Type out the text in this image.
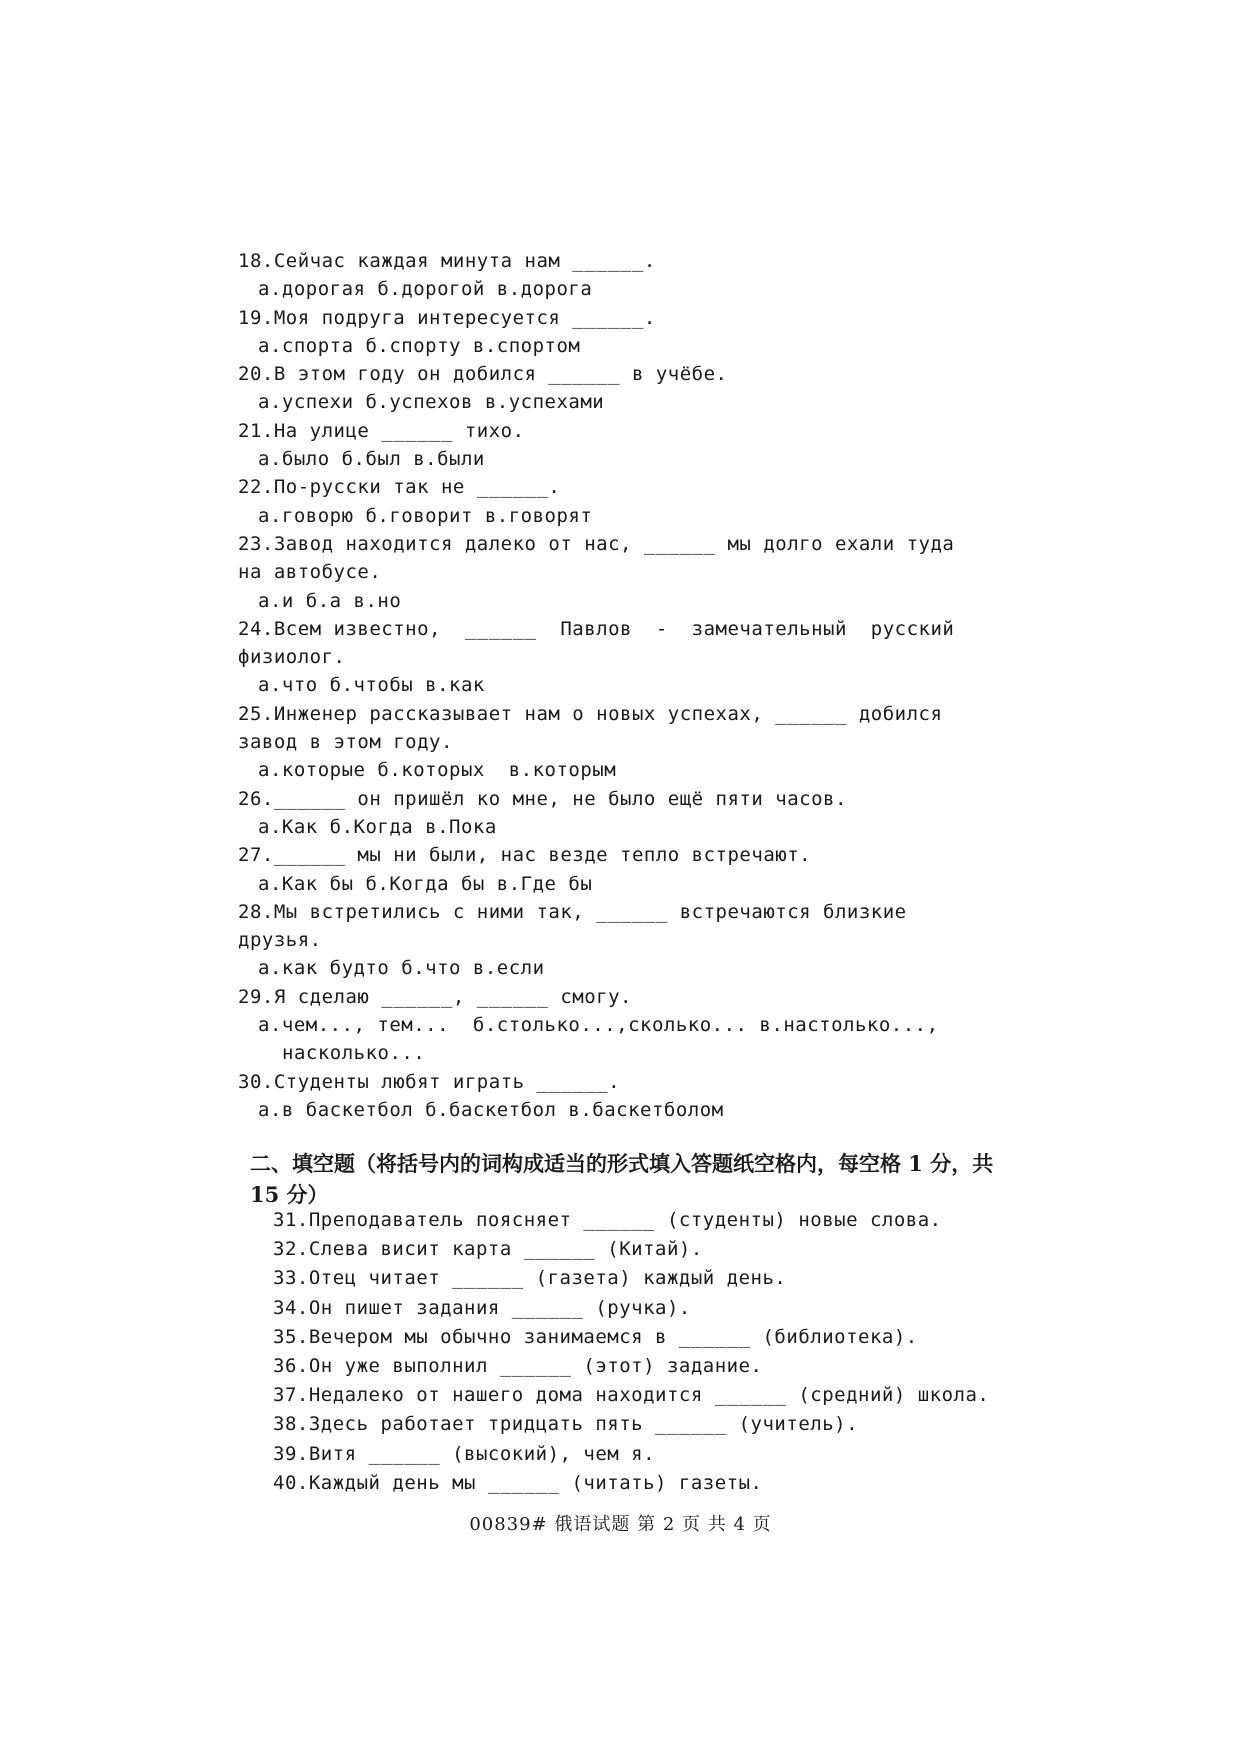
18.Сейчас каждая минута нам ______.

а.дорогая б.дорогой в.дорога

19.Моя подруга интересуется ______.

а.спорта б.спорту в.спортом

20.В этом году он добился ______ в учёбе.

а.успехи б.успехов в.успехами

21.На улице ______ тихо.

а.было б.был в.были

22.По-русски так не ______.

а.говорю б.говорит в.говорят

23.Завод находится далеко от нас, ______ мы долго ехали туда

на автобусе.

а.и б.а в.но

24.Всем известно,  ______  Павлов  -  замечательный  русский

физиолог.

а.что б.чтобы в.как

25.Инженер рассказывает нам о новых успехах, ______ добился

завод в этом году.

а.которые б.которых  в.которым

26.______ он пришёл ко мне, не было ещё пяти часов.

а.Как б.Когда в.Пока

27.______ мы ни были, нас везде тепло встречают.

а.Как бы б.Когда бы в.Где бы

28.Мы встретились с ними так, ______ встречаются близкие

друзья.

а.как будто б.что в.если

29.Я сделаю ______, ______ смогу.

а.чем..., тем...  б.столько...,сколько... в.настолько...,

насколько...

30.Студенты любят играть ______.

а.в баскетбол б.баскетбол в.баскетболом

二、填空题（将括号内的词构成适当的形式填入答题纸空格内，每空格 1 分，共
15 分）

31.Преподаватель поясняет ______ (студенты) новые слова.

32.Слева висит карта ______ (Китай).

33.Отец читает ______ (газета) каждый день.

34.Он пишет задания ______ (ручка).

35.Вечером мы обычно занимаемся в ______ (библиотека).

36.Он уже выполнил ______ (этот) задание.

37.Недалеко от нашего дома находится ______ (средний) школа.

38.Здесь работает тридцать пять ______ (учитель).

39.Витя ______ (высокий), чем я.

40.Каждый день мы ______ (читать) газеты.

00839# 俄语试题 第 2 页 共 4 页
